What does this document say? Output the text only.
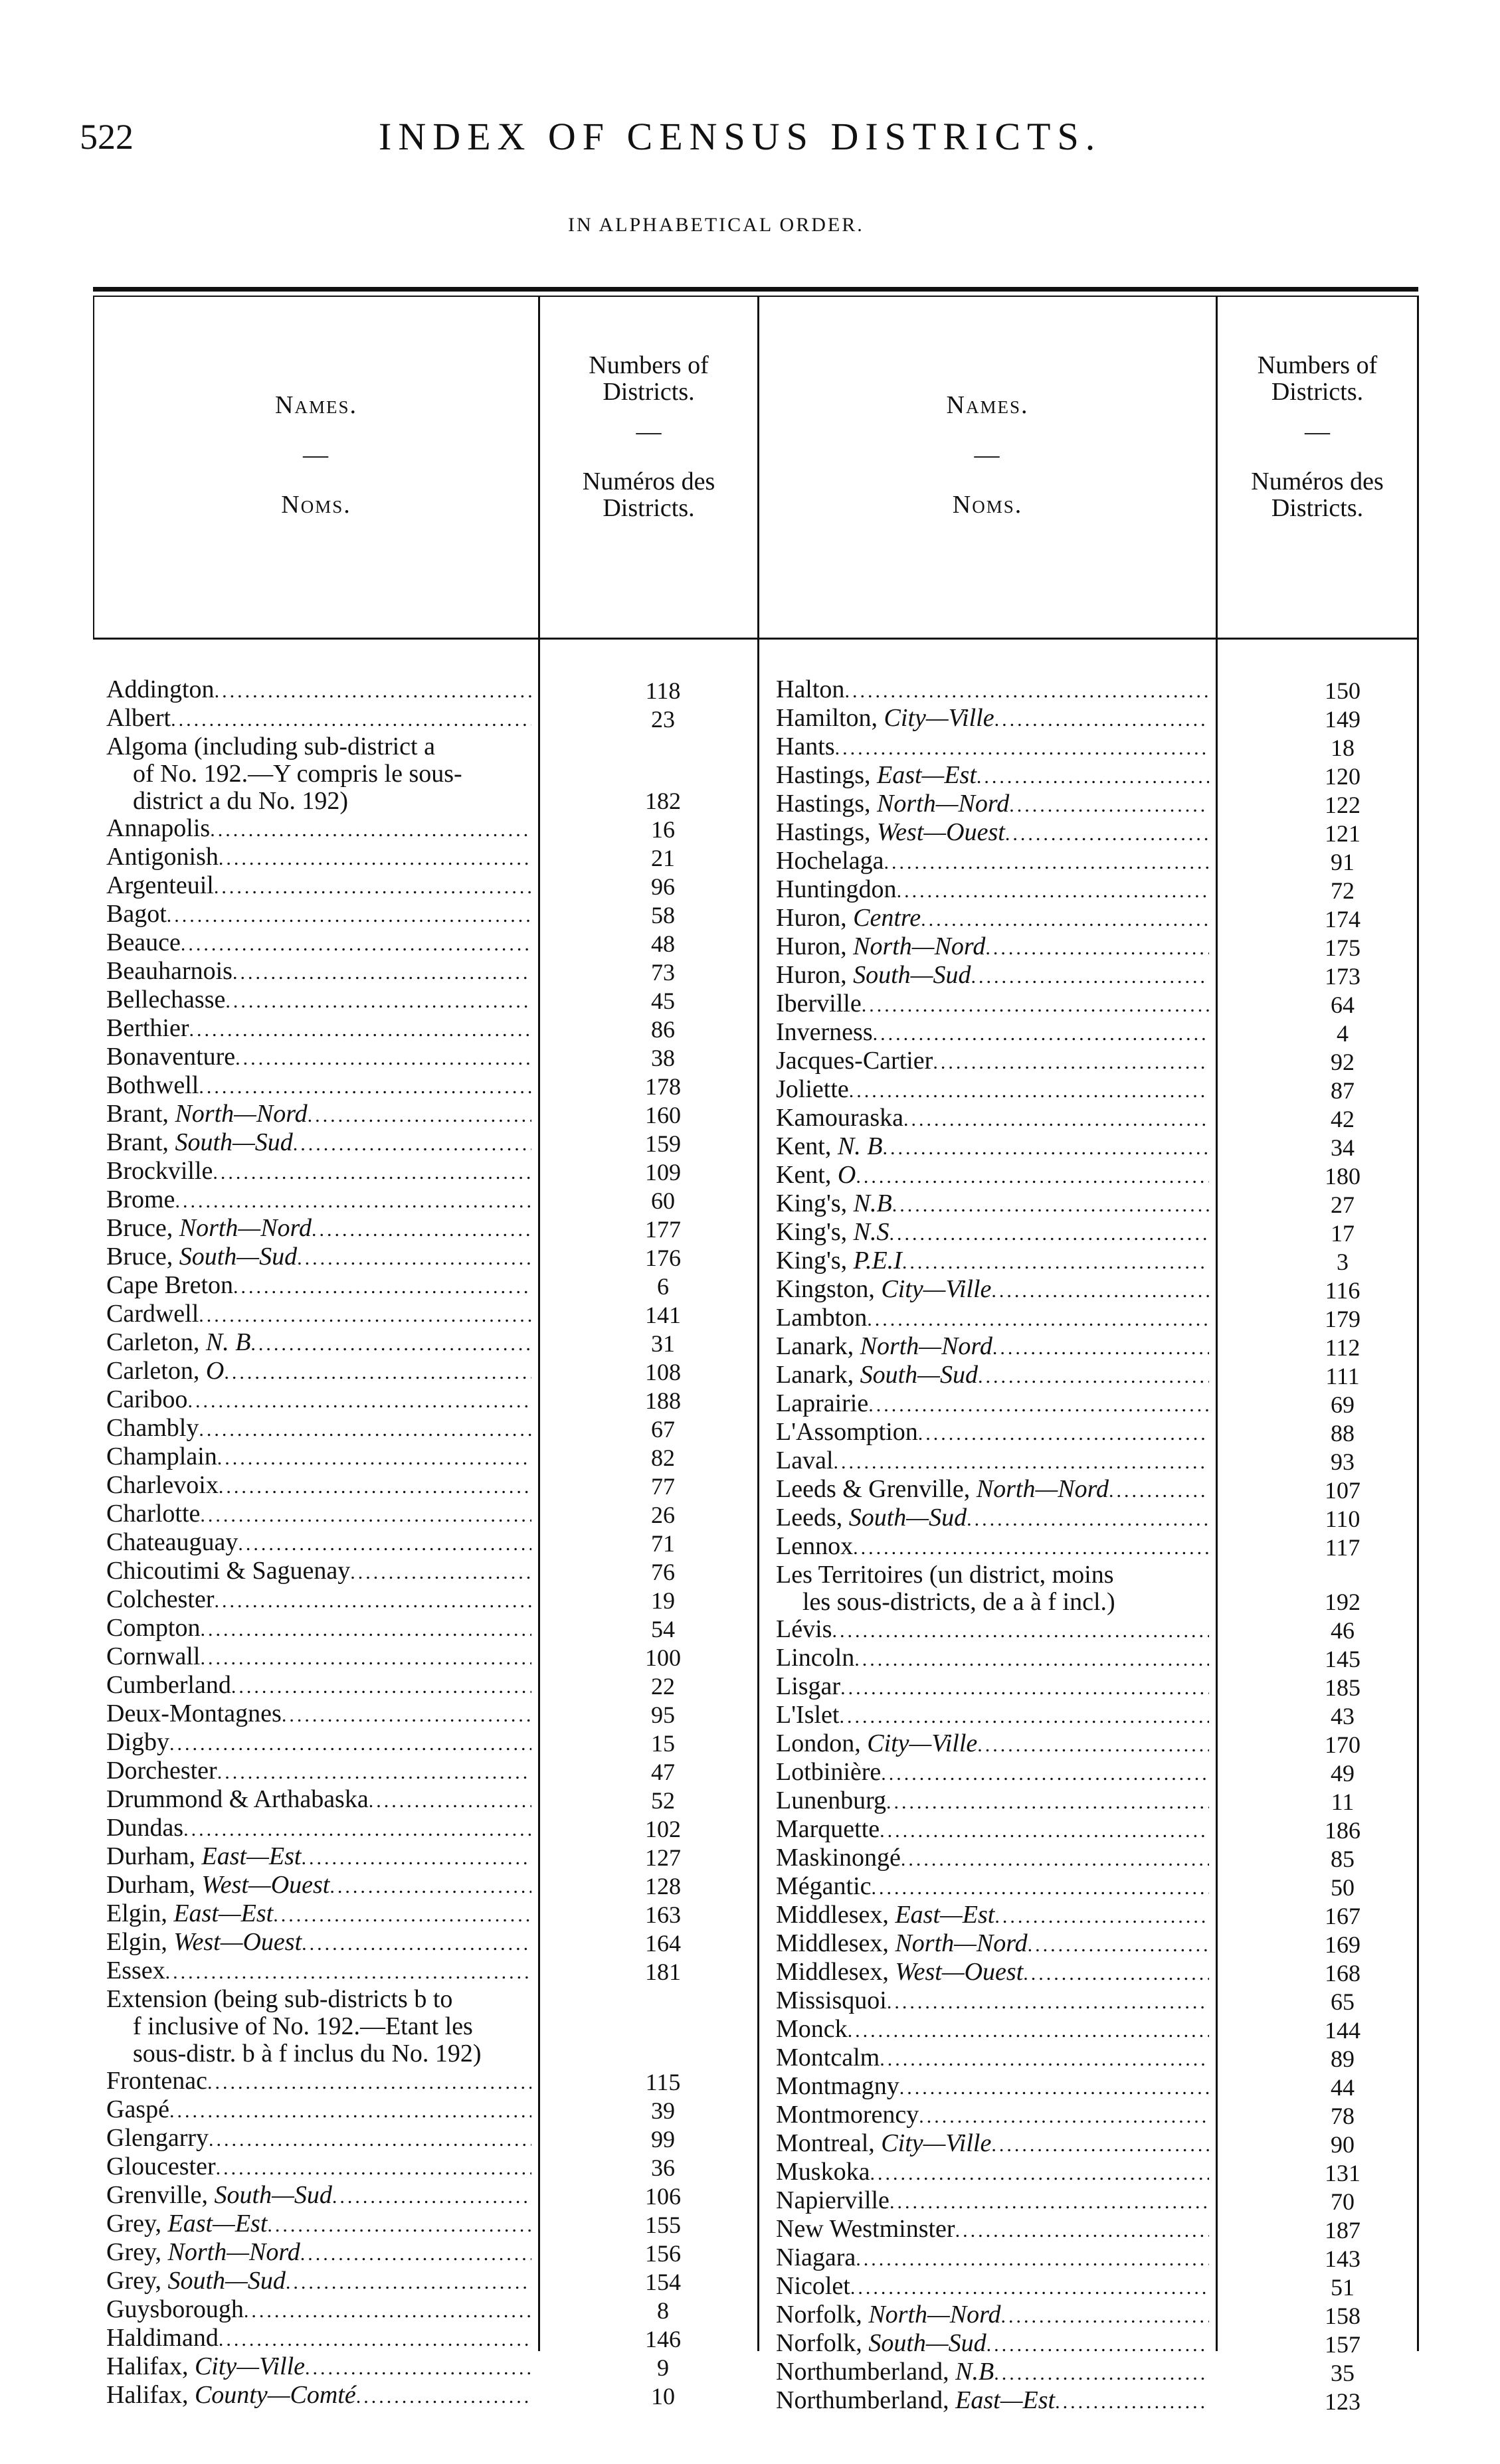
522	INDEX OF CENSUS DISTRICTS.
IN ALPHABETICAL ORDER.
Names.
—
Noms.
Numbers of Districts.
—
Numéros des Districts.
Names.
—
Noms.
Numbers of Districts.
—
Numéros des Districts.
Addington .....	118
Albert .....	23
Algoma (including sub-district a
of No. 192.—Y compris le sous-
district a du No. 192)	182
Annapolis .....	16
Antigonish .....	21
Argenteuil .....	96
Bagot .....	58
Beauce .....	48
Beauharnois .....	73
Bellechasse .....	45
Berthier .....	86
Bonaventure .....	38
Bothwell .....	178
Brant, North—Nord .....	160
Brant, South—Sud .....	159
Brockville .....	109
Brome .....	60
Bruce, North—Nord .....	177
Bruce, South—Sud .....	176
Cape Breton .....	6
Cardwell .....	141
Carleton, N. B .....	31
Carleton, O .....	108
Cariboo .....	188
Chambly .....	67
Champlain .....	82
Charlevoix .....	77
Charlotte .....	26
Chateauguay .....	71
Chicoutimi & Saguenay .....	76
Colchester .....	19
Compton .....	54
Cornwall .....	100
Cumberland .....	22
Deux-Montagnes .....	95
Digby .....	15
Dorchester .....	47
Drummond & Arthabaska .....	52
Dundas .....	102
Durham, East—Est .....	127
Durham, West—Ouest .....	128
Elgin, East—Est .....	163
Elgin, West—Ouest .....	164
Essex .....	181
Extension (being sub-districts b to
f inclusive of No. 192.—Etant les
sous-distr. b à f inclus du No. 192)
Frontenac .....	115
Gaspé .....	39
Glengarry .....	99
Gloucester .....	36
Grenville, South—Sud .....	106
Grey, East—Est .....	155
Grey, North—Nord .....	156
Grey, South—Sud .....	154
Guysborough .....	8
Haldimand .....	146
Halifax, City—Ville .....	9
Halifax, County—Comté .....	10
Halton .....	150
Hamilton, City—Ville .....	149
Hants .....	18
Hastings, East—Est .....	120
Hastings, North—Nord .....	122
Hastings, West—Ouest .....	121
Hochelaga .....	91
Huntingdon .....	72
Huron, Centre .....	174
Huron, North—Nord .....	175
Huron, South—Sud .....	173
Iberville .....	64
Inverness .....	4
Jacques-Cartier .....	92
Joliette .....	87
Kamouraska .....	42
Kent, N. B .....	34
Kent, O .....	180
King's, N.B .....	27
King's, N.S .....	17
King's, P.E.I .....	3
Kingston, City—Ville .....	116
Lambton .....	179
Lanark, North—Nord .....	112
Lanark, South—Sud .....	111
Laprairie .....	69
L'Assomption .....	88
Laval .....	93
Leeds & Grenville, North—Nord .....	107
Leeds, South—Sud .....	110
Lennox .....	117
Les Territoires (un district, moins
les sous-districts, de a à f incl.)	192
Lévis .....	46
Lincoln .....	145
Lisgar .....	185
L'Islet .....	43
London, City—Ville .....	170
Lotbinière .....	49
Lunenburg .....	11
Marquette .....	186
Maskinongé .....	85
Mégantic .....	50
Middlesex, East—Est .....	167
Middlesex, North—Nord .....	169
Middlesex, West—Ouest .....	168
Missisquoi .....	65
Monck .....	144
Montcalm .....	89
Montmagny .....	44
Montmorency .....	78
Montreal, City—Ville .....	90
Muskoka .....	131
Napierville .....	70
New Westminster .....	187
Niagara .....	143
Nicolet .....	51
Norfolk, North—Nord .....	158
Norfolk, South—Sud .....	157
Northumberland, N.B .....	35
Northumberland, East—Est .....	123
